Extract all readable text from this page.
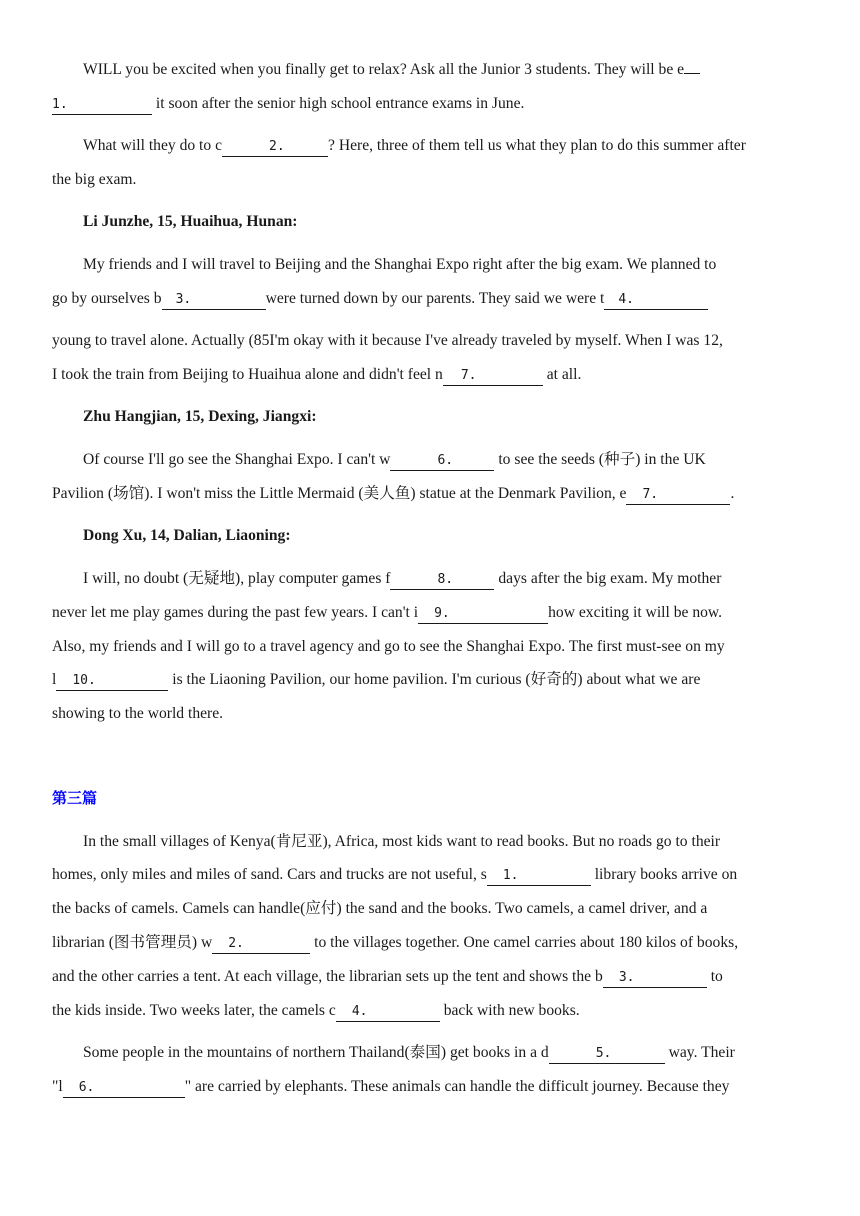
WILL you be excited when you finally get to relax? Ask all the Junior 3 students. They will be e
1.	it soon after the senior high school entrance exams in June.
What will they do to c	2.	? Here, three of them tell us what they plan to do this summer after
the big exam.
Li Junzhe, 15, Huaihua, Hunan:
My friends and I will travel to Beijing and the Shanghai Expo right after the big exam. We planned to
go by ourselves b 3.	were turned down by our parents. They said we were t 4.
young to travel alone. Actually (85I'm okay with it because I've already traveled by myself. When I was 12,
I took the train from Beijing to Huaihua alone and didn't feel n 7.	at all.
Zhu Hangjian, 15, Dexing, Jiangxi:
Of course I'll go see the Shanghai Expo. I can't w	6.	to see the seeds (种子) in the UK
Pavilion (场馆). I won't miss the Little Mermaid (美人鱼) statue at the Denmark Pavilion, e 7.	.
Dong Xu, 14, Dalian, Liaoning:
I will, no doubt (无疑地), play computer games f	8.	days after the big exam. My mother
never let me play games during the past few years. I can't i 9.	how exciting it will be now.
Also, my friends and I will go to a travel agency and go to see the Shanghai Expo. The first must-see on my
l 10.	is the Liaoning Pavilion, our home pavilion. I'm curious (好奇的) about what we are
showing to the world there.
第三篇
In the small villages of Kenya(肯尼亚), Africa, most kids want to read books. But no roads go to their
homes, only miles and miles of sand. Cars and trucks are not useful, s 1.	library books arrive on
the backs of camels. Camels can handle(应付) the sand and the books. Two camels, a camel driver, and a
librarian (图书管理员) w 2.	to the villages together. One camel carries about 180 kilos of books,
and the other carries a tent. At each village, the librarian sets up the tent and shows the b 3.	to
the kids inside. Two weeks later, the camels c 4.	back with new books.
Some people in the mountains of northern Thailand(泰国) get books in a d	5.	way. Their
"l 6.	" are carried by elephants. These animals can handle the difficult journey. Because they
